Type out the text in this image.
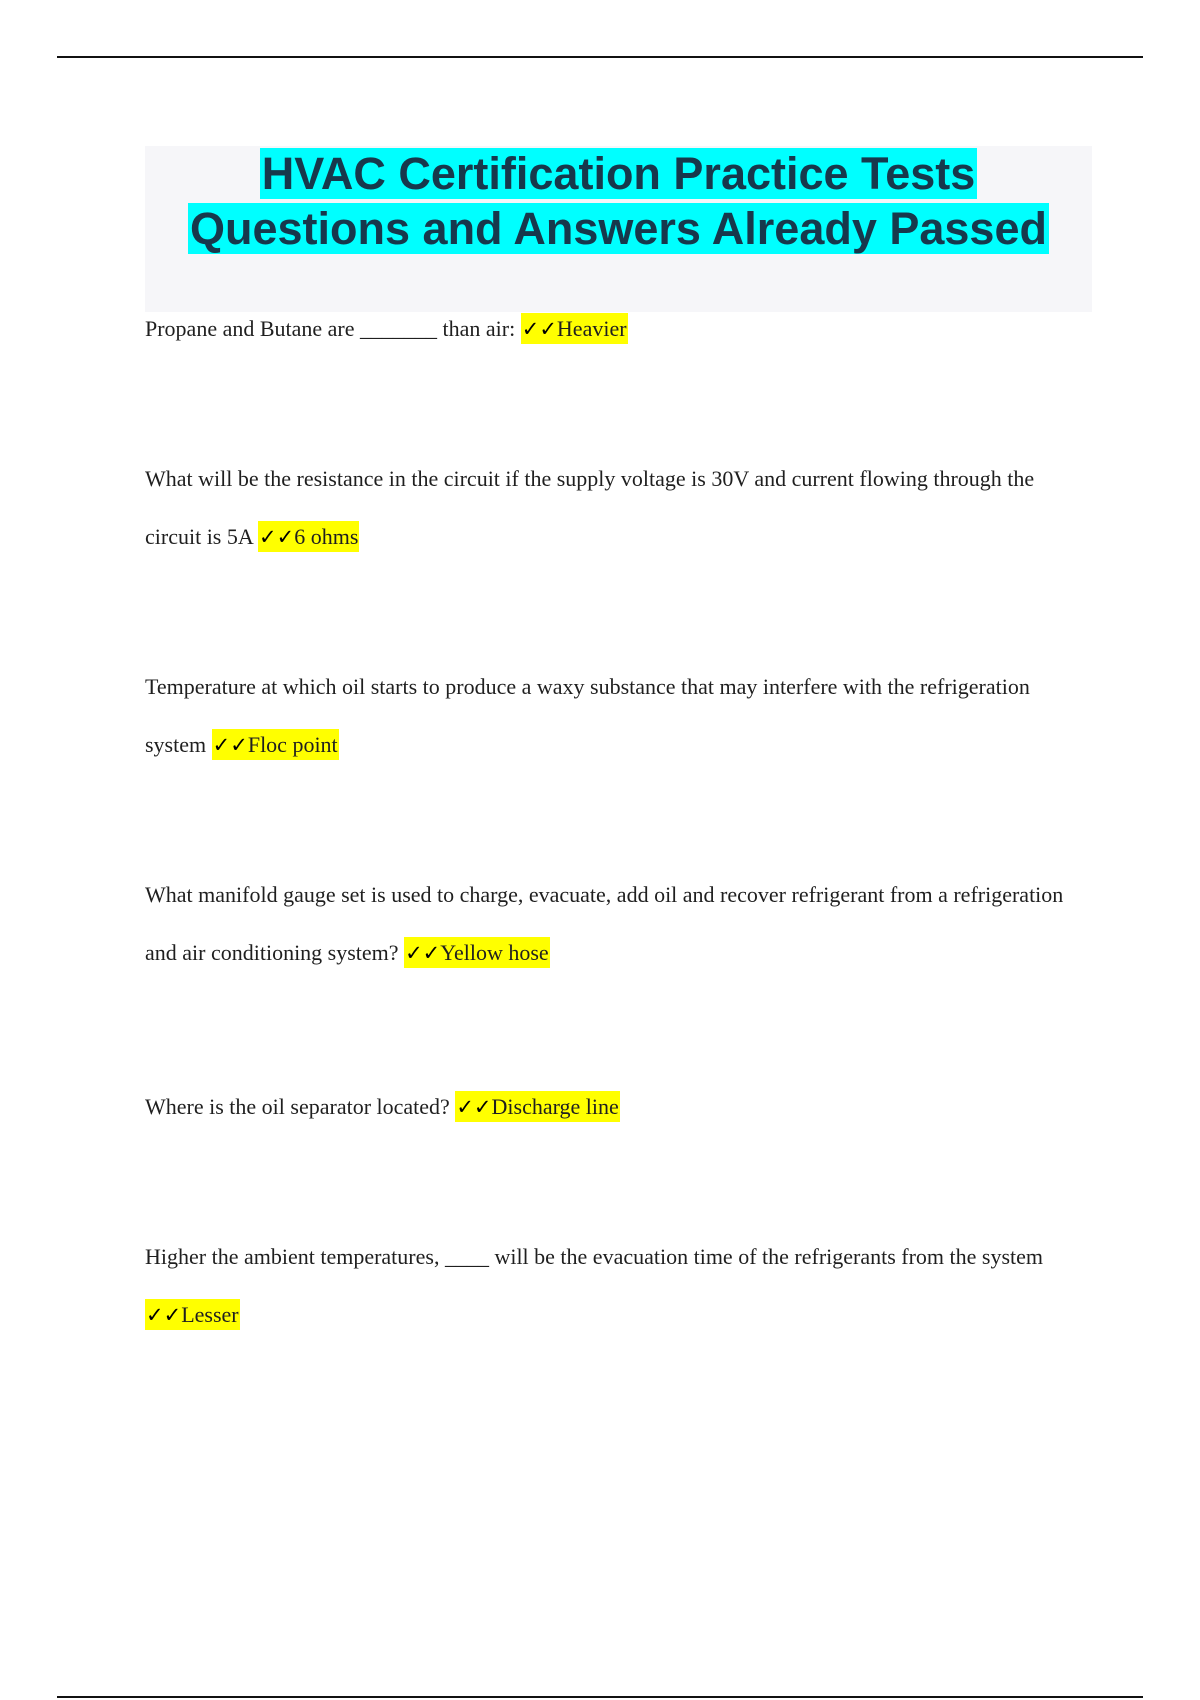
HVAC Certification Practice Tests
Questions and Answers Already Passed
Propane and Butane are _______ than air: ✓✓Heavier
What will be the resistance in the circuit if the supply voltage is 30V and current flowing through the circuit is 5A ✓✓6 ohms
Temperature at which oil starts to produce a waxy substance that may interfere with the refrigeration system ✓✓Floc point
What manifold gauge set is used to charge, evacuate, add oil and recover refrigerant from a refrigeration and air conditioning system? ✓✓Yellow hose
Where is the oil separator located? ✓✓Discharge line
Higher the ambient temperatures, ____ will be the evacuation time of the refrigerants from the system ✓✓Lesser
